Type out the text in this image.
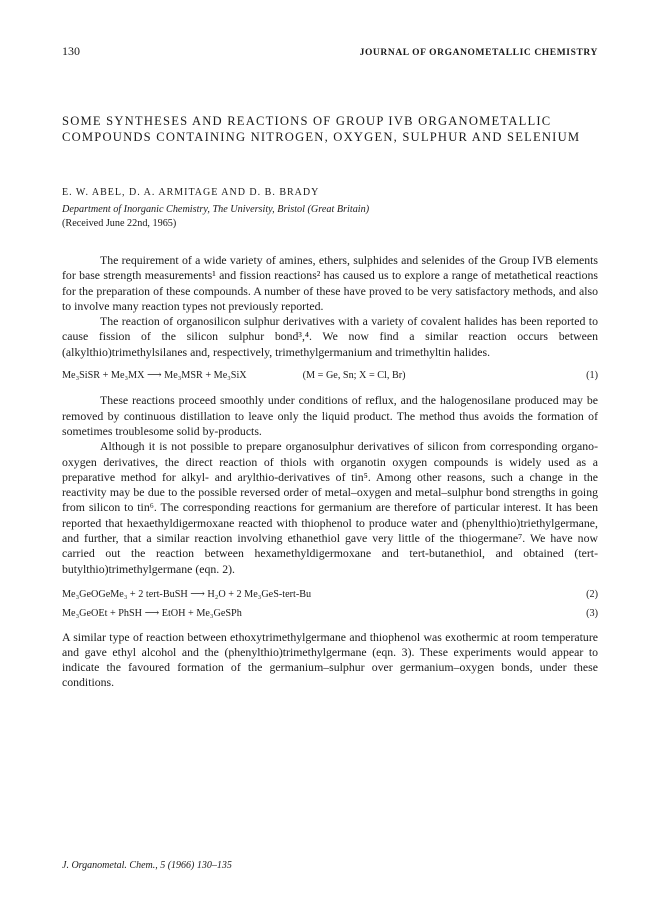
130	JOURNAL OF ORGANOMETALLIC CHEMISTRY
SOME SYNTHESES AND REACTIONS OF GROUP IVB ORGANOMETALLIC COMPOUNDS CONTAINING NITROGEN, OXYGEN, SULPHUR AND SELENIUM
E. W. ABEL, D. A. ARMITAGE AND D. B. BRADY
Department of Inorganic Chemistry, The University, Bristol (Great Britain)
(Received June 22nd, 1965)

The requirement of a wide variety of amines, ethers, sulphides and selenides of the Group IVB elements for base strength measurements¹ and fission reactions² has caused us to explore a range of metathetical reactions for the preparation of these compounds. A number of these have proved to be very satisfactory methods, and also to involve many reaction types not previously reported.

The reaction of organosilicon sulphur derivatives with a variety of covalent halides has been reported to cause fission of the silicon sulphur bond³,⁴. We now find a similar reaction occurs between (alkylthio)trimethylsilanes and, respectively, trimethylgermanium and trimethyltin halides.

Me₃SiSR + Me₃MX ⟶ Me₃MSR + Me₃SiX	(M = Ge, Sn; X = Cl, Br)	(1)

These reactions proceed smoothly under conditions of reflux, and the halogenosilane produced may be removed by continuous distillation to leave only the liquid product. The method thus avoids the formation of sometimes troublesome solid by-products.

Although it is not possible to prepare organosulphur derivatives of silicon from corresponding organo-oxygen derivatives, the direct reaction of thiols with organotin oxygen compounds is widely used as a preparative method for alkyl- and arylthio-derivatives of tin⁵. Among other reasons, such a change in the reactivity may be due to the possible reversed order of metal–oxygen and metal–sulphur bond strengths in going from silicon to tin⁶. The corresponding reactions for germanium are therefore of particular interest. It has been reported that hexaethyldigermoxane reacted with thiophenol to produce water and (phenylthio)triethylgermane, and further, that a similar reaction involving ethanethiol gave very little of the thiogermane⁷. We have now carried out the reaction between hexamethyldigermoxane and tert-butanethiol, and obtained (tert-butylthio)trimethylgermane (eqn. 2).

Me₃GeOGeMe₃ + 2 tert-BuSH ⟶ H₂O + 2 Me₃GeS-tert-Bu	(2)
Me₃GeOEt + PhSH ⟶ EtOH + Me₃GeSPh	(3)

A similar type of reaction between ethoxytrimethylgermane and thiophenol was exothermic at room temperature and gave ethyl alcohol and the (phenylthio)trimethylgermane (eqn. 3). These experiments would appear to indicate the favoured formation of the germanium–sulphur over germanium–oxygen bonds, under these conditions.

J. Organometal. Chem., 5 (1966) 130–135
